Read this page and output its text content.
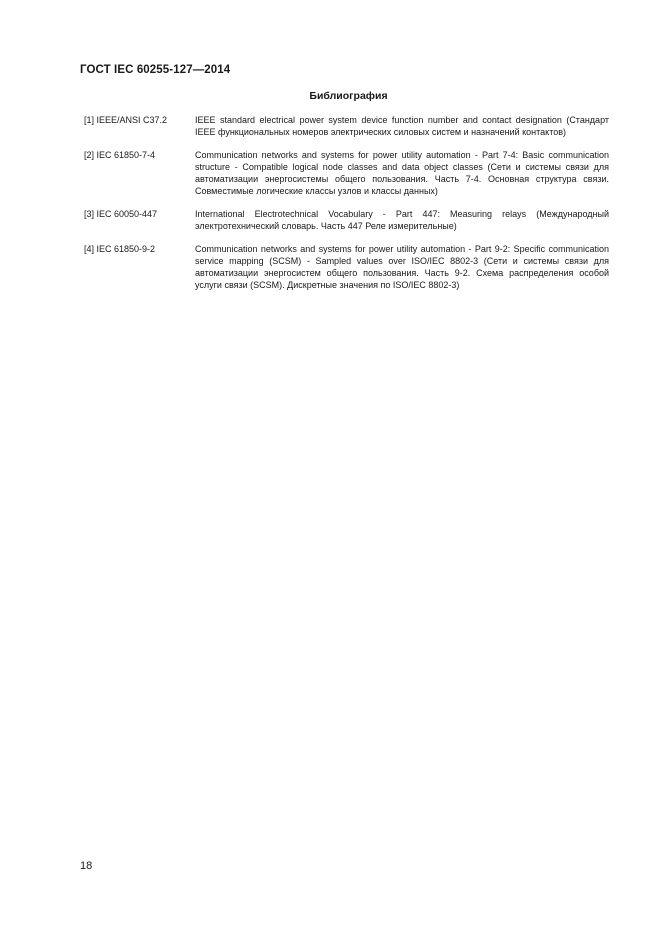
ГОСТ IEC 60255-127—2014
Библиография
[1] IEEE/ANSI C37.2	IEEE standard electrical power system device function number and contact designation (Стандарт IEEE функциональных номеров электрических силовых систем и назначений контактов)
[2] IEC 61850-7-4	Communication networks and systems for power utility automation - Part 7-4: Basic communication structure - Compatible logical node classes and data object classes (Сети и системы связи для автоматизации энергосистемы общего пользования. Часть 7-4. Основная структура связи. Совместимые логические классы узлов и классы данных)
[3] IEC 60050-447	International Electrotechnical Vocabulary - Part 447: Measuring relays (Международный электротехнический словарь. Часть 447 Реле измерительные)
[4] IEC 61850-9-2	Communication networks and systems for power utility automation - Part 9-2: Specific communication service mapping (SCSM) - Sampled values over ISO/IEC 8802-3 (Сети и системы связи для автоматизации энергосистем общего пользования. Часть 9-2. Схема распределения особой услуги связи (SCSM). Дискретные значения по ISO/IEC 8802-3)
18
